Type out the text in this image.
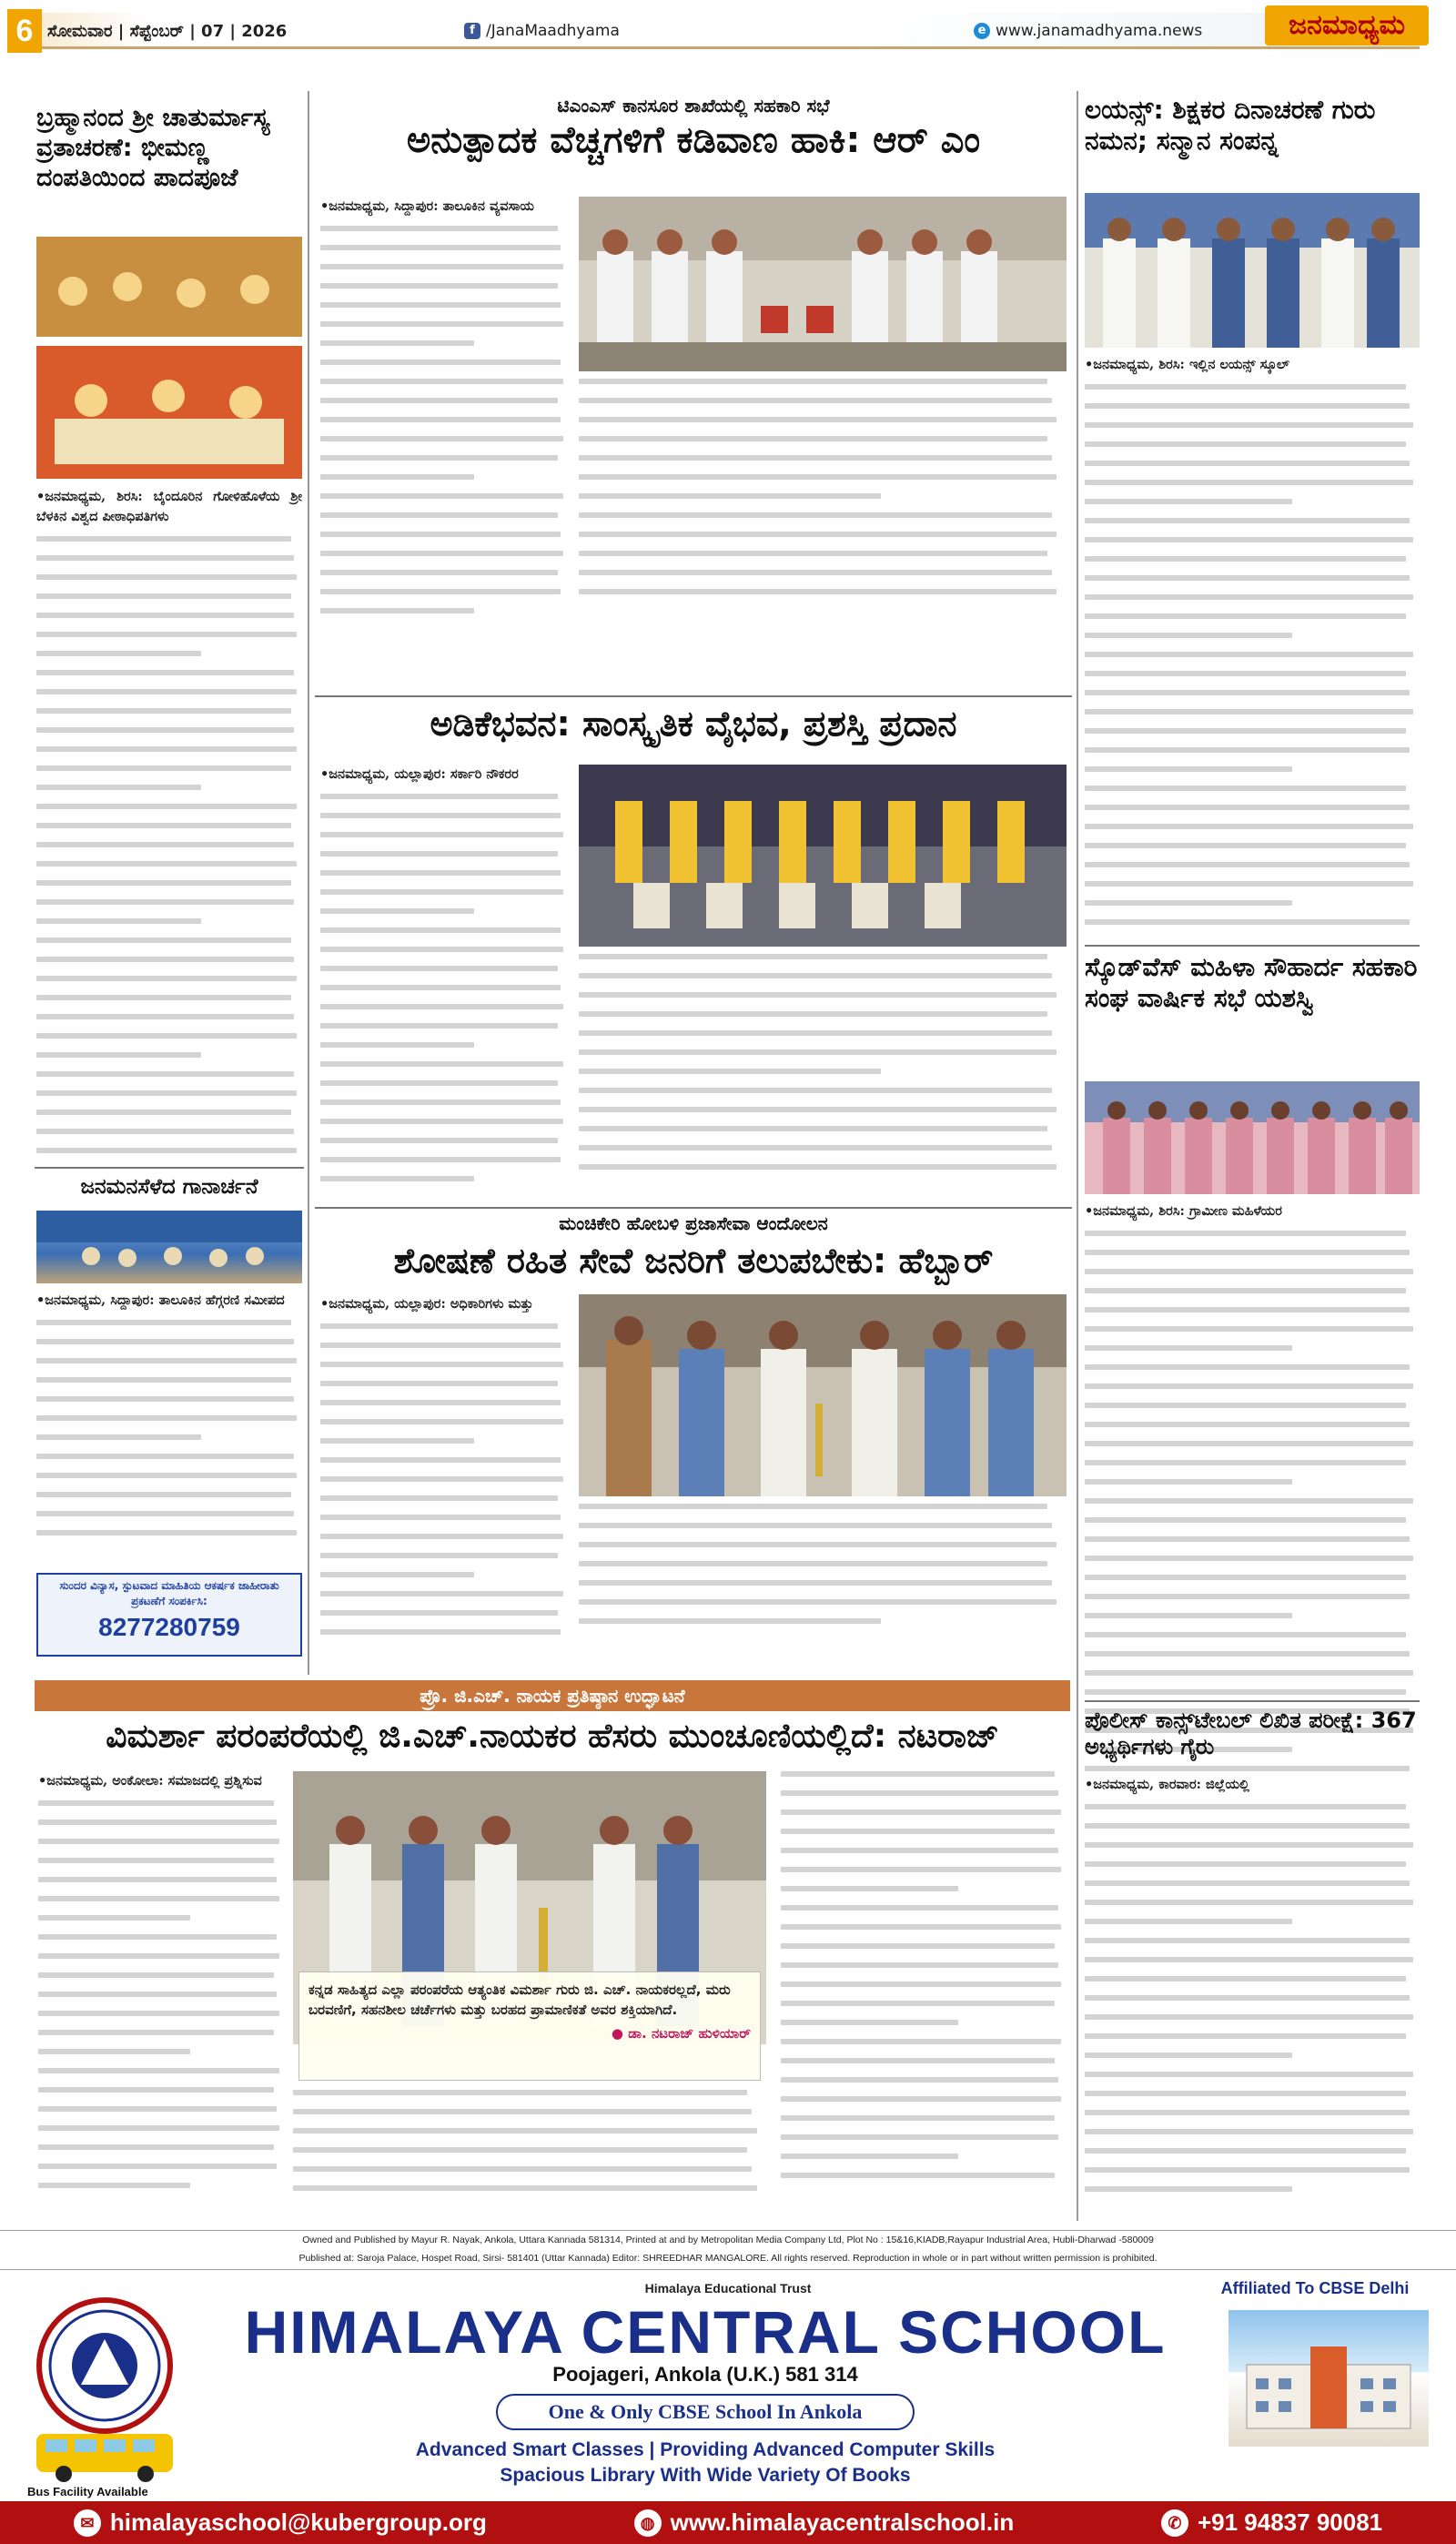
6 ಸೋಮವಾರ | ಸೆಪ್ಟೆಂಬರ್ | 07 | 2026	f /JanaMaadhyama	e www.janamadhyama.news	ಜನಮಾಧ್ಯಮ
ಬ್ರಹ್ಮಾನಂದ ಶ್ರೀ ಚಾತುರ್ಮಾಸ್ಯ ವ್ರತಾಚರಣೆ: ಭೀಮಣ್ಣ ದಂಪತಿಯಿಂದ ಪಾದಪೂಜೆ
•ಜನಮಾಧ್ಯಮ, ಶಿರಸಿ: ಬೈಂದೂರಿನ ಗೋಳಿಹೊಳೆಯ ಶ್ರೀ ಬೆಳಕಿನ ವಿಶ್ವದ ಪೀಠಾಧಿಪತಿಗಳು
ಜನಮನಸೆಳೆದ ಗಾನಾರ್ಚನೆ
•ಜನಮಾಧ್ಯಮ, ಸಿದ್ದಾಪುರ: ತಾಲೂಕಿನ ಹೆಗ್ಗರಣಿ ಸಮೀಪದ
ಸುಂದರ ವಿನ್ಯಾಸ, ಸ್ಪುಟವಾದ ಮಾಹಿತಿಯ ಆಕರ್ಷಕ ಜಾಹೀರಾತು ಪ್ರಕಟಣೆಗೆ ಸಂಪರ್ಕಿಸಿ:
8277280759
ಟಿಎಂಎಸ್ ಕಾನಸೂರ ಶಾಖೆಯಲ್ಲಿ ಸಹಕಾರಿ ಸಭೆ
ಅನುತ್ಪಾದಕ ವೆಚ್ಚಗಳಿಗೆ ಕಡಿವಾಣ ಹಾಕಿ: ಆರ್ ಎಂ
•ಜನಮಾಧ್ಯಮ, ಸಿದ್ದಾಪುರ: ತಾಲೂಕಿನ ವ್ಯವಸಾಯ
ಅಡಿಕೆಭವನ: ಸಾಂಸ್ಕೃತಿಕ ವೈಭವ, ಪ್ರಶಸ್ತಿ ಪ್ರದಾನ
•ಜನಮಾಧ್ಯಮ, ಯಲ್ಲಾಪುರ: ಸರ್ಕಾರಿ ನೌಕರರ
ಮಂಚಿಕೇರಿ ಹೋಬಳಿ ಪ್ರಜಾಸೇವಾ ಆಂದೋಲನ
ಶೋಷಣೆ ರಹಿತ ಸೇವೆ ಜನರಿಗೆ ತಲುಪಬೇಕು: ಹೆಬ್ಬಾರ್
•ಜನಮಾಧ್ಯಮ, ಯಲ್ಲಾಪುರ: ಅಧಿಕಾರಿಗಳು ಮತ್ತು
ಪ್ರೊ. ಜಿ.ಎಚ್. ನಾಯಕ ಪ್ರತಿಷ್ಠಾನ ಉದ್ಘಾಟನೆ
ವಿಮರ್ಶಾ ಪರಂಪರೆಯಲ್ಲಿ ಜಿ.ಎಚ್.ನಾಯಕರ ಹೆಸರು ಮುಂಚೂಣಿಯಲ್ಲಿದೆ: ನಟರಾಜ್
•ಜನಮಾಧ್ಯಮ, ಅಂಕೋಲಾ: ಸಮಾಜದಲ್ಲಿ ಪ್ರಶ್ನಿಸುವ
ಕನ್ನಡ ಸಾಹಿತ್ಯದ ಎಲ್ಲಾ ಪರಂಪರೆಯ ಆತ್ಯಂತಿಕ ವಿಮರ್ಶಾ ಗುರು ಜಿ. ಎಚ್. ನಾಯಕರಲ್ಲದೆ, ಮರು ಬರವಣಿಗೆ, ಸಹನಶೀಲ ಚರ್ಚೆಗಳು ಮತ್ತು ಬರಹದ ಪ್ರಾಮಾಣಿಕತೆ ಅವರ ಶಕ್ತಿಯಾಗಿದೆ.
● ಡಾ. ನಟರಾಜ್ ಹುಳಿಯಾರ್
ಲಯನ್ಸ್: ಶಿಕ್ಷಕರ ದಿನಾಚರಣೆ ಗುರು ನಮನ; ಸನ್ಮಾನ ಸಂಪನ್ನ
•ಜನಮಾಧ್ಯಮ, ಶಿರಸಿ: ಇಲ್ಲಿನ ಲಯನ್ಸ್ ಸ್ಕೂಲ್
ಸ್ಕೊಡ್‌ವೆಸ್ ಮಹಿಳಾ ಸೌಹಾರ್ದ ಸಹಕಾರಿ ಸಂಘ ವಾರ್ಷಿಕ ಸಭೆ ಯಶಸ್ವಿ
•ಜನಮಾಧ್ಯಮ, ಶಿರಸಿ: ಗ್ರಾಮೀಣ ಮಹಿಳೆಯರ
ಪೊಲೀಸ್ ಕಾನ್ಸ್‌ಟೇಬಲ್ ಲಿಖಿತ ಪರೀಕ್ಷೆ: 367 ಅಭ್ಯರ್ಥಿಗಳು ಗೈರು
•ಜನಮಾಧ್ಯಮ, ಕಾರವಾರ: ಜಿಲ್ಲೆಯಲ್ಲಿ
Owned and Published by Mayur R. Nayak, Ankola, Uttara Kannada 581314, Printed at and by Metropolitan Media Company Ltd, Plot No : 15&16,KIADB,Rayapur Industrial Area, Hubli-Dharwad -580009
Published at: Saroja Palace, Hospet Road, Sirsi- 581401 (Uttar Kannada) Editor: SHREEDHAR MANGALORE. All rights reserved. Reproduction in whole or in part without written permission is prohibited.
Himalaya Educational Trust	Affiliated To CBSE Delhi
HIMALAYA CENTRAL SCHOOL
Poojageri, Ankola (U.K.) 581 314
One & Only CBSE School In Ankola
Advanced Smart Classes | Providing Advanced Computer Skills
Spacious Library With Wide Variety Of Books
Bus Facility Available
✉ himalayaschool@kubergroup.org	◍ www.himalayacentralschool.in	✆ +91 94837 90081
